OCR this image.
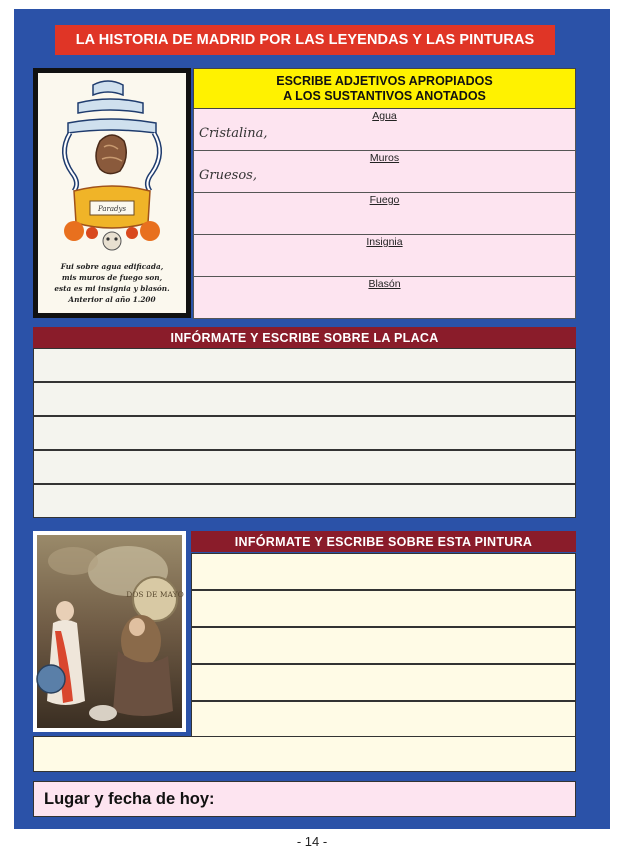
LA HISTORIA DE MADRID POR LAS LEYENDAS Y LAS PINTURAS
Paradys
Fui sobre agua edificada,
mis muros de fuego son,
esta es mi insignia y blasón.
Anterior al año 1.200
ESCRIBE ADJETIVOS APROPIADOS
A LOS SUSTANTIVOS ANOTADOS
Agua
Cristalina,
Muros
Gruesos,
Fuego
Insignia
Blasón
INFÓRMATE Y ESCRIBE SOBRE LA PLACA
DOS DE MAYO
INFÓRMATE Y ESCRIBE SOBRE ESTA PINTURA
Lugar y fecha de hoy:
- 14 -
